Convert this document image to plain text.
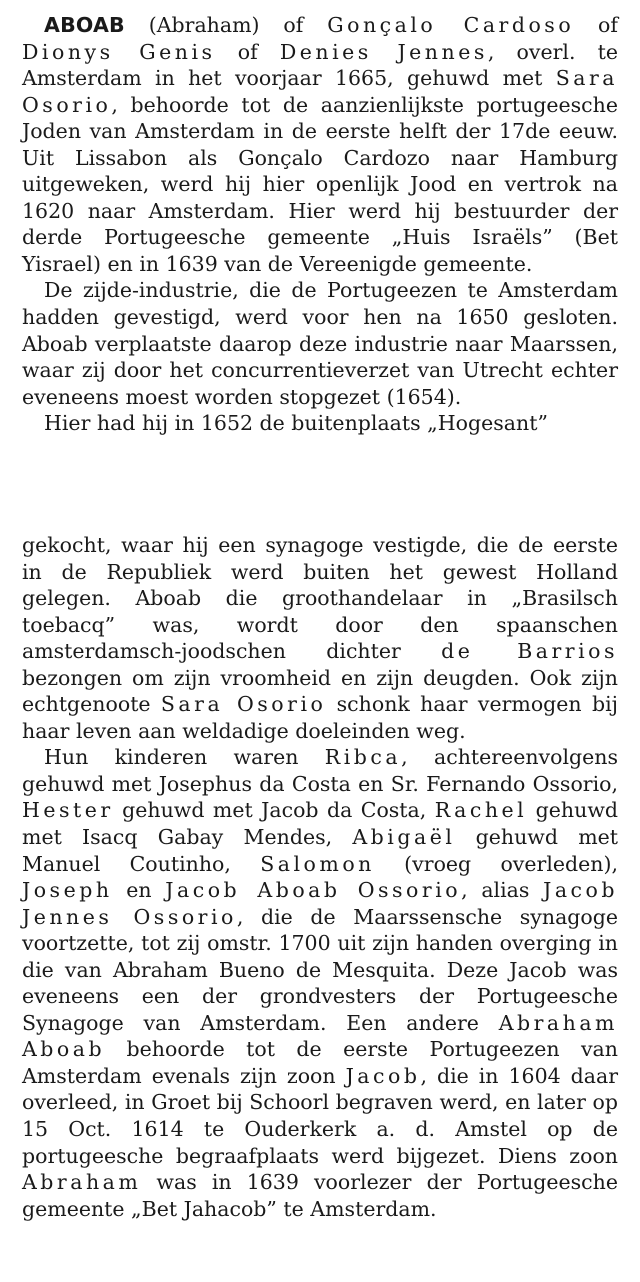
ABOAB (Abraham) of Gonçalo Cardoso of Dionys Genis of Denies Jennes, overl. te Amsterdam in het voorjaar 1665, gehuwd met Sara Osorio, behoorde tot de aanzienlijkste portugeesche Joden van Amsterdam in de eerste helft der 17de eeuw. Uit Lissabon als Gonçalo Cardozo naar Hamburg uitgeweken, werd hij hier openlijk Jood en vertrok na 1620 naar Amsterdam. Hier werd hij bestuurder der derde Portugeesche gemeente „Huis Israëls” (Bet Yisrael) en in 1639 van de Vereenigde gemeente.

De zijde-industrie, die de Portugeezen te Amsterdam hadden gevestigd, werd voor hen na 1650 gesloten. Aboab verplaatste daarop deze industrie naar Maarssen, waar zij door het concurrentieverzet van Utrecht echter eveneens moest worden stopgezet (1654).

Hier had hij in 1652 de buitenplaats „Hogesant”

gekocht, waar hij een synagoge vestigde, die de eerste in de Republiek werd buiten het gewest Holland gelegen. Aboab die groothandelaar in „Brasilsch toebacq” was, wordt door den spaanschen amsterdamsch-joodschen dichter de Barrios bezongen om zijn vroomheid en zijn deugden. Ook zijn echtgenoote Sara Osorio schonk haar vermogen bij haar leven aan weldadige doeleinden weg.

Hun kinderen waren Ribca, achtereenvolgens gehuwd met Josephus da Costa en Sr. Fernando Ossorio, Hester gehuwd met Jacob da Costa, Rachel gehuwd met Isacq Gabay Mendes, Abigaël gehuwd met Manuel Coutinho, Salomon (vroeg overleden), Joseph en Jacob Aboab Ossorio, alias Jacob Jennes Ossorio, die de Maarssensche synagoge voortzette, tot zij omstr. 1700 uit zijn handen overging in die van Abraham Bueno de Mesquita. Deze Jacob was eveneens een der grondvesters der Portugeesche Synagoge van Amsterdam. Een andere Abraham Aboab behoorde tot de eerste Portugeezen van Amsterdam evenals zijn zoon Jacob, die in 1604 daar overleed, in Groet bij Schoorl begraven werd, en later op 15 Oct. 1614 te Ouderkerk a. d. Amstel op de portugeesche begraafplaats werd bijgezet. Diens zoon Abraham was in 1639 voorlezer der Portugeesche gemeente „Bet Jahacob” te Amsterdam.
